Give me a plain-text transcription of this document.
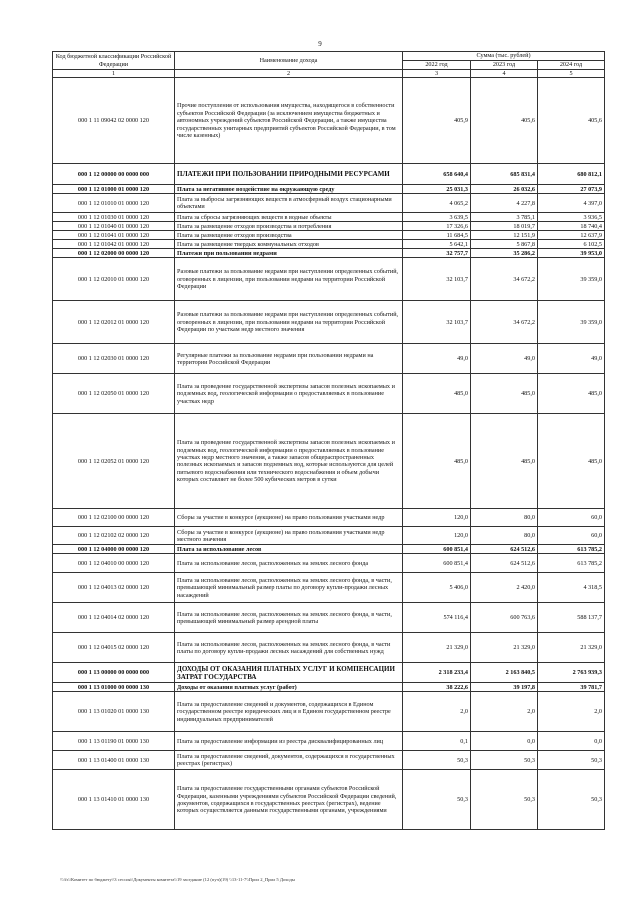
9
Код бюджетной классификации Российской Федерации	Наименование дохода	Сумма (тыс. рублей)		
		2022 год	2023 год	2024 год
1	2	3	4	5
000 1 11 09042 02 0000 120	Прочие поступления от использования имущества, находящегося в собственности субъектов Российской Федерации (за исключением имущества бюджетных и автономных учреждений субъектов Российской Федерации, а также имущества государственных унитарных предприятий субъектов Российской Федерации, в том числе казенных)	405,9	405,6	405,6
000 1 12 00000 00 0000 000	ПЛАТЕЖИ ПРИ ПОЛЬЗОВАНИИ ПРИРОДНЫМИ РЕСУРСАМИ	658 640,4	685 831,4	680 812,1
000 1 12 01000 01 0000 120	Плата за негативное воздействие на окружающую среду	25 031,3	26 032,6	27 073,9
000 1 12 01010 01 0000 120	Плата за выбросы загрязняющих веществ в атмосферный воздух стационарными объектами	4 065,2	4 227,8	4 397,0
000 1 12 01030 01 0000 120	Плата за сбросы загрязняющих веществ в водные объекты	3 639,5	3 785,1	3 936,5
000 1 12 01040 01 0000 120	Плата за размещение отходов производства и потребления	17 326,6	18 019,7	18 740,4
000 1 12 01041 01 0000 120	Плата за размещение отходов производства	11 684,5	12 151,9	12 637,9
000 1 12 01042 01 0000 120	Плата за размещение твердых коммунальных отходов	5 642,1	5 867,8	6 102,5
000 1 12 02000 00 0000 120	Платежи при пользовании недрами	32 757,7	35 286,2	39 953,0
000 1 12 02010 01 0000 120	Разовые платежи за пользование недрами при наступлении определенных событий, оговоренных в лицензии, при пользовании недрами на территории Российской Федерации	32 103,7	34 672,2	39 359,0
000 1 12 02012 01 0000 120	Разовые платежи за пользование недрами при наступлении определенных событий, оговоренных в лицензии, при пользовании недрами на территории Российской Федерации по участкам недр местного значения	32 103,7	34 672,2	39 359,0
000 1 12 02030 01 0000 120	Регулярные платежи за пользование недрами при пользовании недрами на территории Российской Федерации	49,0	49,0	49,0
000 1 12 02050 01 0000 120	Плата за проведение государственной экспертизы запасов полезных ископаемых и подземных вод, геологической информации о предоставляемых в пользование участках недр	485,0	485,0	485,0
000 1 12 02052 01 0000 120	Плата за проведение государственной экспертизы запасов полезных ископаемых и подземных вод, геологической информации о предоставляемых в пользование участках недр местного значения, а также запасов общераспространенных полезных ископаемых и запасов подземных вод, которые используются для целей питьевого водоснабжения или технического водоснабжения и объем добычи которых составляет не более 500 кубических метров в сутки	485,0	485,0	485,0
000 1 12 02100 00 0000 120	Сборы за участие в конкурсе (аукционе) на право пользования участками недр	120,0	80,0	60,0
000 1 12 02102 02 0000 120	Сборы за участие в конкурсе (аукционе) на право пользования участками недр местного значения	120,0	80,0	60,0
000 1 12 04000 00 0000 120	Плата за использование лесов	600 851,4	624 512,6	613 785,2
000 1 12 04010 00 0000 120	Плата за использование лесов, расположенных на землях лесного фонда	600 851,4	624 512,6	613 785,2
000 1 12 04013 02 0000 120	Плата за использование лесов, расположенных на землях лесного фонда, в части, превышающей минимальный размер платы по договору купли-продажи лесных насаждений	5 406,0	2 420,0	4 318,5
000 1 12 04014 02 0000 120	Плата за использование лесов, расположенных на землях лесного фонда, в части, превышающей минимальный размер арендной платы	574 116,4	600 763,6	588 137,7
000 1 12 04015 02 0000 120	Плата за использование лесов, расположенных на землях лесного фонда, в части платы по договору купли-продажи лесных насаждений для собственных нужд	21 329,0	21 329,0	21 329,0
000 1 13 00000 00 0000 000	ДОХОДЫ ОТ ОКАЗАНИЯ ПЛАТНЫХ УСЛУГ И КОМПЕНСАЦИИ ЗАТРАТ ГОСУДАРСТВА	2 318 233,4	2 163 840,5	2 763 939,3
000 1 13 01000 00 0000 130	Доходы от оказания платных услуг (работ)	38 222,6	39 197,8	39 781,7
000 1 13 01020 01 0000 130	Плата за предоставление сведений и документов, содержащихся в Едином государственном реестре юридических лиц и в Едином государственном реестре индивидуальных предпринимателей	2,0	2,0	2,0
000 1 13 01190 01 0000 130	Плата за предоставление информации из реестра дисквалифицированных лиц	0,1	0,0	0,0
000 1 13 01400 01 0000 130	Плата за предоставление сведений, документов, содержащихся в государственных реестрах (регистрах)	50,3	50,3	50,3
000 1 13 01410 01 0000 130	Плата за предоставление государственными органами субъектов Российской Федерации, казенными учреждениями субъектов Российской Федерации сведений, документов, содержащихся в государственных реестрах (регистрах), ведение которых осуществляется данными государственными органами, учреждениями	50,3	50,3	50,3
\\\\fs\\Комитет по бюджету\\3 сессия\\Документы комитета\\19 заседание (12 (пуч)(19) \\13-11-7\\Прил 2_Прил 5 Доходы
